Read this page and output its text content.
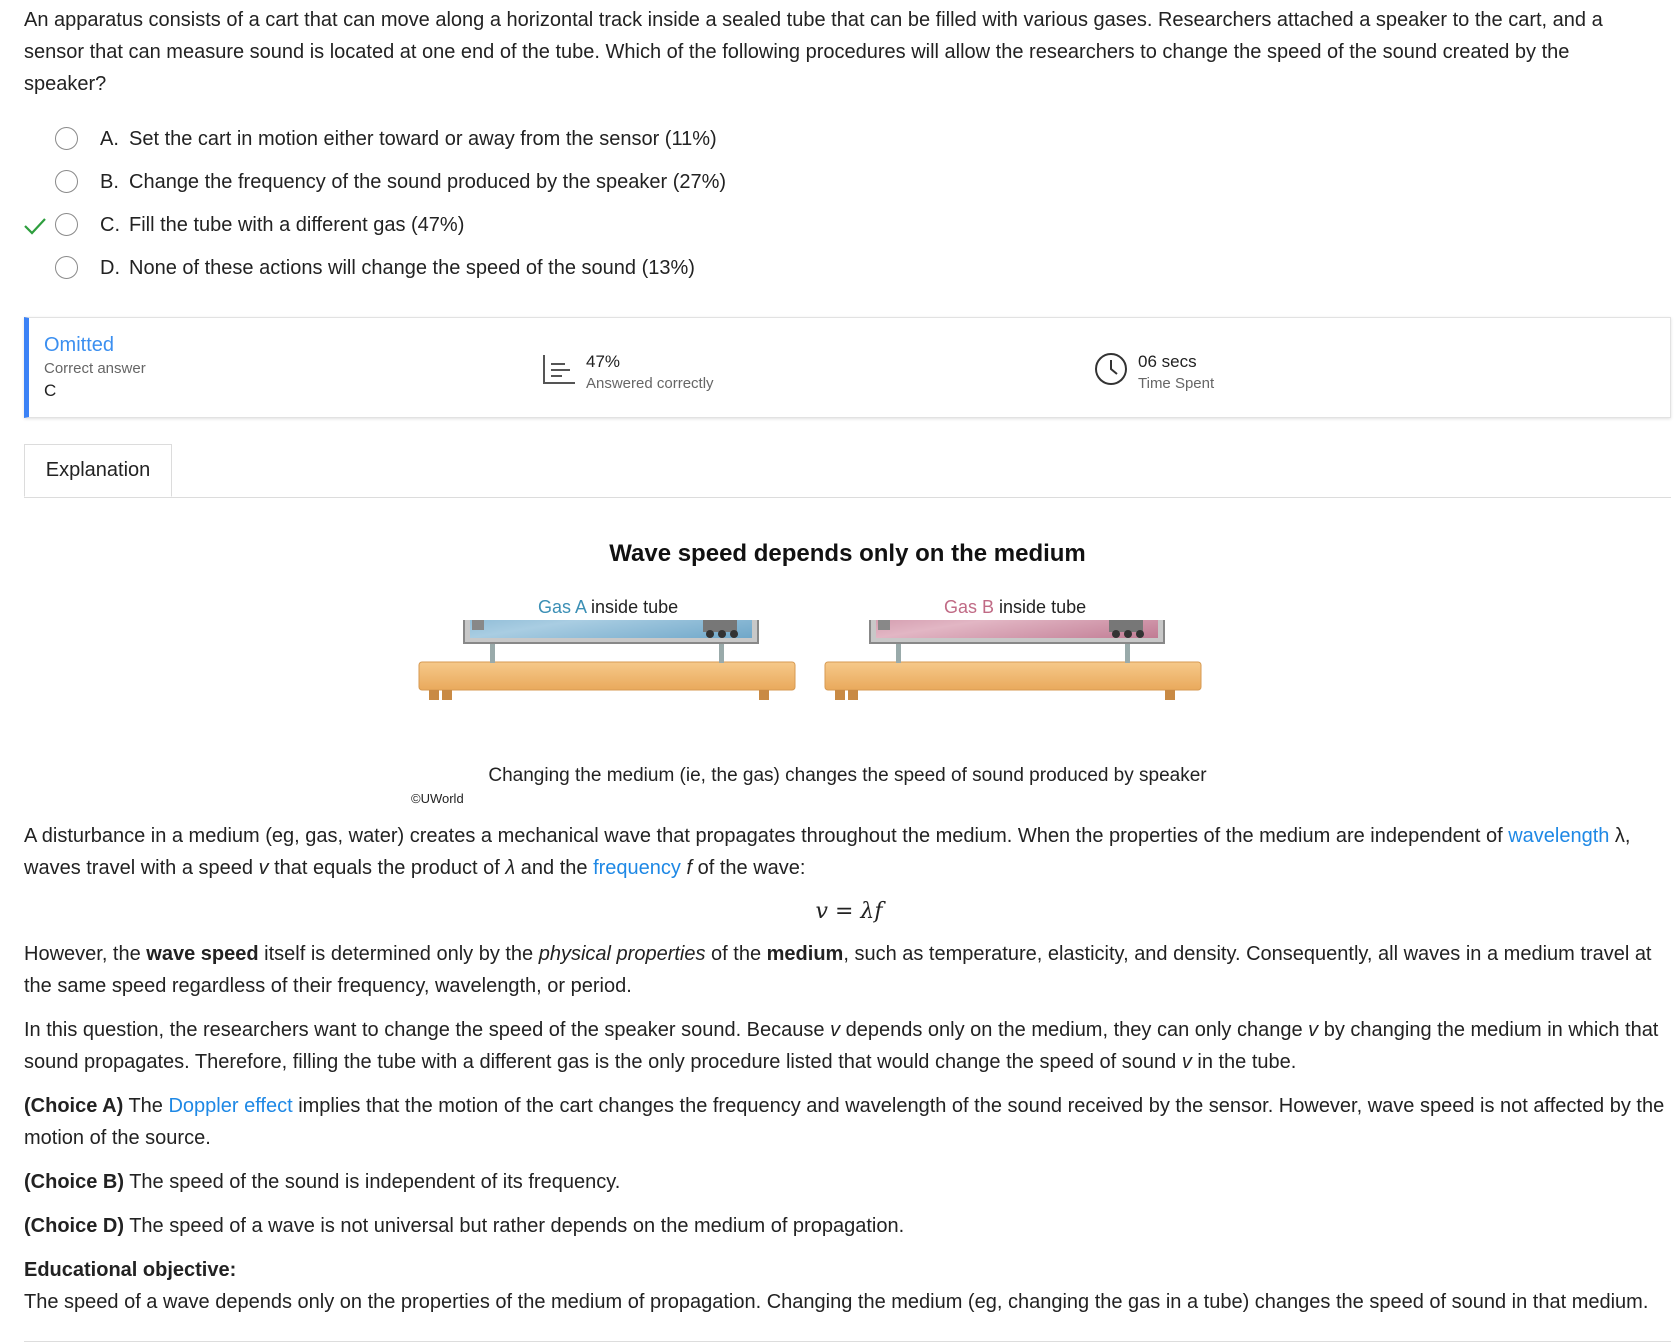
An apparatus consists of a cart that can move along a horizontal track inside a sealed tube that can be filled with various gases. Researchers attached a speaker to the cart, and a sensor that can measure sound is located at one end of the tube. Which of the following procedures will allow the researchers to change the speed of the sound created by the speaker?
A. Set the cart in motion either toward or away from the sensor (11%)
B. Change the frequency of the sound produced by the speaker (27%)
C. Fill the tube with a different gas (47%)
D. None of these actions will change the speed of the sound (13%)
Omitted
Correct answer
C
47%
Answered correctly
06 secs
Time Spent
Explanation
Wave speed depends only on the medium
Gas A inside tube	Gas B inside tube
Changing the medium (ie, the gas) changes the speed of sound produced by speaker
©UWorld

A disturbance in a medium (eg, gas, water) creates a mechanical wave that propagates throughout the medium. When the properties of the medium are independent of wavelength λ, waves travel with a speed v that equals the product of λ and the frequency f of the wave:

v = λf

However, the wave speed itself is determined only by the physical properties of the medium, such as temperature, elasticity, and density. Consequently, all waves in a medium travel at the same speed regardless of their frequency, wavelength, or period.

In this question, the researchers want to change the speed of the speaker sound. Because v depends only on the medium, they can only change v by changing the medium in which that sound propagates. Therefore, filling the tube with a different gas is the only procedure listed that would change the speed of sound v in the tube.

(Choice A) The Doppler effect implies that the motion of the cart changes the frequency and wavelength of the sound received by the sensor. However, wave speed is not affected by the motion of the source.

(Choice B) The speed of the sound is independent of its frequency.

(Choice D) The speed of a wave is not universal but rather depends on the medium of propagation.

Educational objective:
The speed of a wave depends only on the properties of the medium of propagation. Changing the medium (eg, changing the gas in a tube) changes the speed of sound in that medium.
